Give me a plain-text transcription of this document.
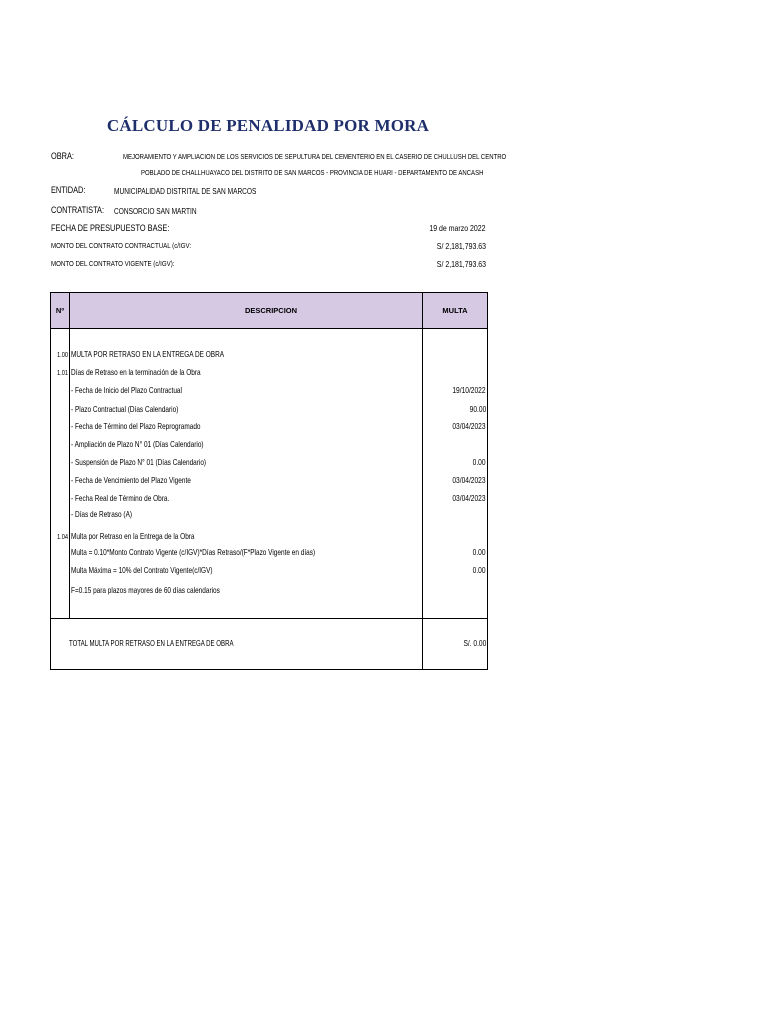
CÁLCULO DE PENALIDAD POR MORA
OBRA:	MEJORAMIENTO Y AMPLIACION DE LOS SERVICIOS DE SEPULTURA DEL CEMENTERIO EN EL CASERIO DE CHULLUSH DEL CENTRO
POBLADO DE CHALLHUAYACO DEL DISTRITO DE SAN MARCOS - PROVINCIA DE HUARI - DEPARTAMENTO DE ANCASH
ENTIDAD:	MUNICIPALIDAD DISTRITAL DE SAN MARCOS
CONTRATISTA: CONSORCIO SAN MARTIN
FECHA DE PRESUPUESTO BASE:	19 de marzo 2022
MONTO DEL CONTRATO CONTRACTUAL (c/IGV:	S/ 2,181,793.63
MONTO DEL CONTRATO VIGENTE (c/IGV):	S/ 2,181,793.63
Nº	DESCRIPCION	MULTA
1.00 MULTA POR RETRASO EN LA ENTREGA DE OBRA
1.01 Días de Retraso en la terminación de la Obra
- Fecha de Inicio del Plazo Contractual	19/10/2022
- Plazo Contractual (Días Calendario)	90.00
- Fecha de Término del Plazo Reprogramado	03/04/2023
- Ampliación de Plazo N° 01 (Días Calendario)
- Suspensión de Plazo N° 01 (Días Calendario)	0.00
- Fecha de Vencimiento del Plazo Vigente	03/04/2023
- Fecha Real de Término de Obra.	03/04/2023
- Días de Retraso (A)
1.04 Multa por Retraso en la Entrega de la Obra
Multa = 0.10*Monto Contrato Vigente (c/IGV)*Días Retraso/(F*Plazo Vigente en días)	0.00
Multa Máxima = 10% del Contrato Vigente(c/IGV)	0.00
F=0.15 para plazos mayores de 60 días calendarios
TOTAL MULTA POR RETRASO EN LA ENTREGA DE OBRA	S/. 0.00
